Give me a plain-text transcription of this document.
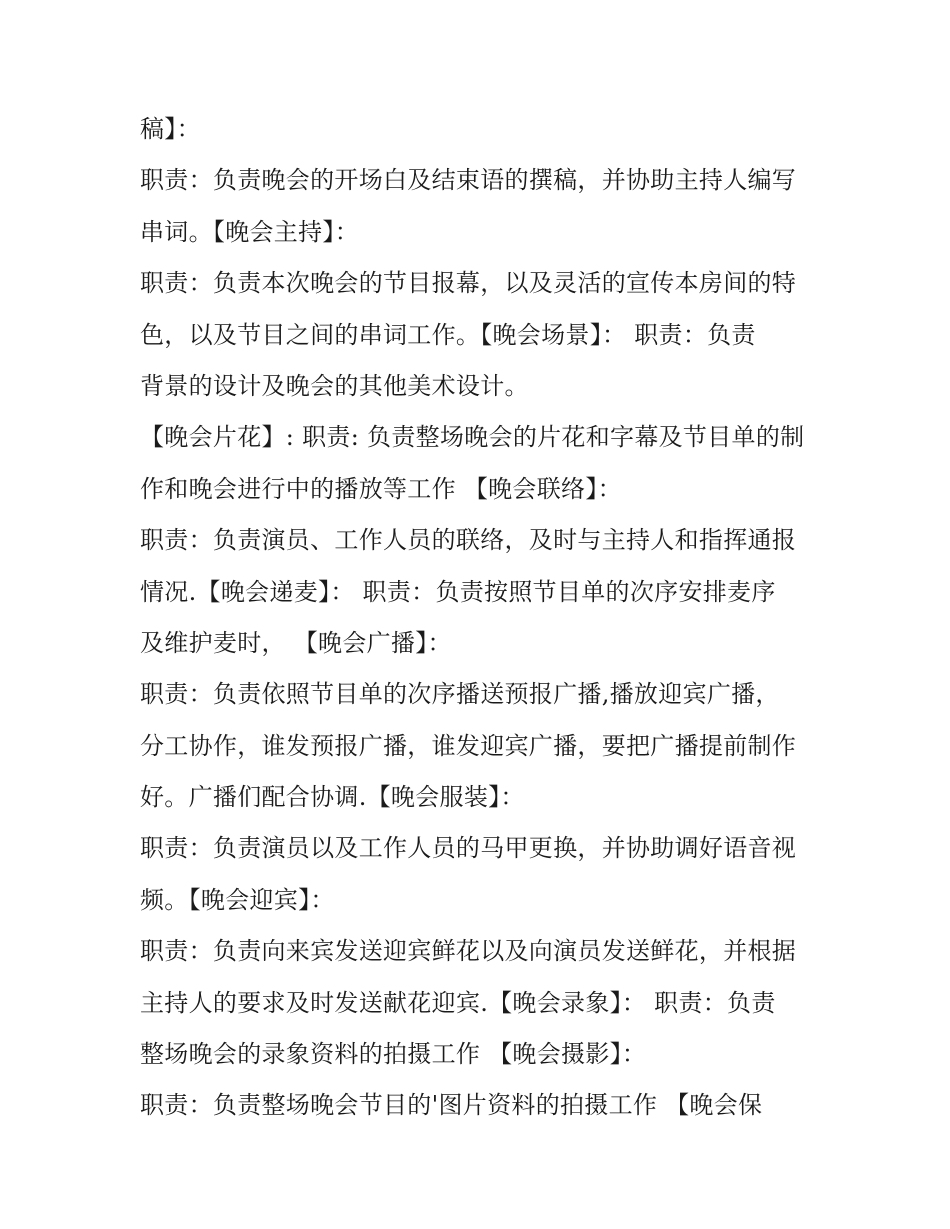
稿】：
职责：负责晚会的开场白及结束语的撰稿，并协助主持人编写
串词。【晚会主持】：
职责：负责本次晚会的节目报幕，以及灵活的宣传本房间的特
色，以及节目之间的串词工作。【晚会场景】： 职责：负责
背景的设计及晚会的其他美术设计。
【晚会片花】: 职责: 负责整场晚会的片花和字幕及节目单的制
作和晚会进行中的播放等工作 【晚会联络】：
职责：负责演员、工作人员的联络，及时与主持人和指挥通报
情况.【晚会递麦】： 职责：负责按照节目单的次序安排麦序
及维护麦时， 【晚会广播】：
职责：负责依照节目单的次序播送预报广播,播放迎宾广播，
分工协作，谁发预报广播，谁发迎宾广播，要把广播提前制作
好。广播们配合协调.【晚会服装】：
职责：负责演员以及工作人员的马甲更换，并协助调好语音视
频。【晚会迎宾】：
职责：负责向来宾发送迎宾鲜花以及向演员发送鲜花，并根据
主持人的要求及时发送献花迎宾.【晚会录象】： 职责：负责
整场晚会的录象资料的拍摄工作 【晚会摄影】：
职责：负责整场晚会节目的'图片资料的拍摄工作 【晚会保
